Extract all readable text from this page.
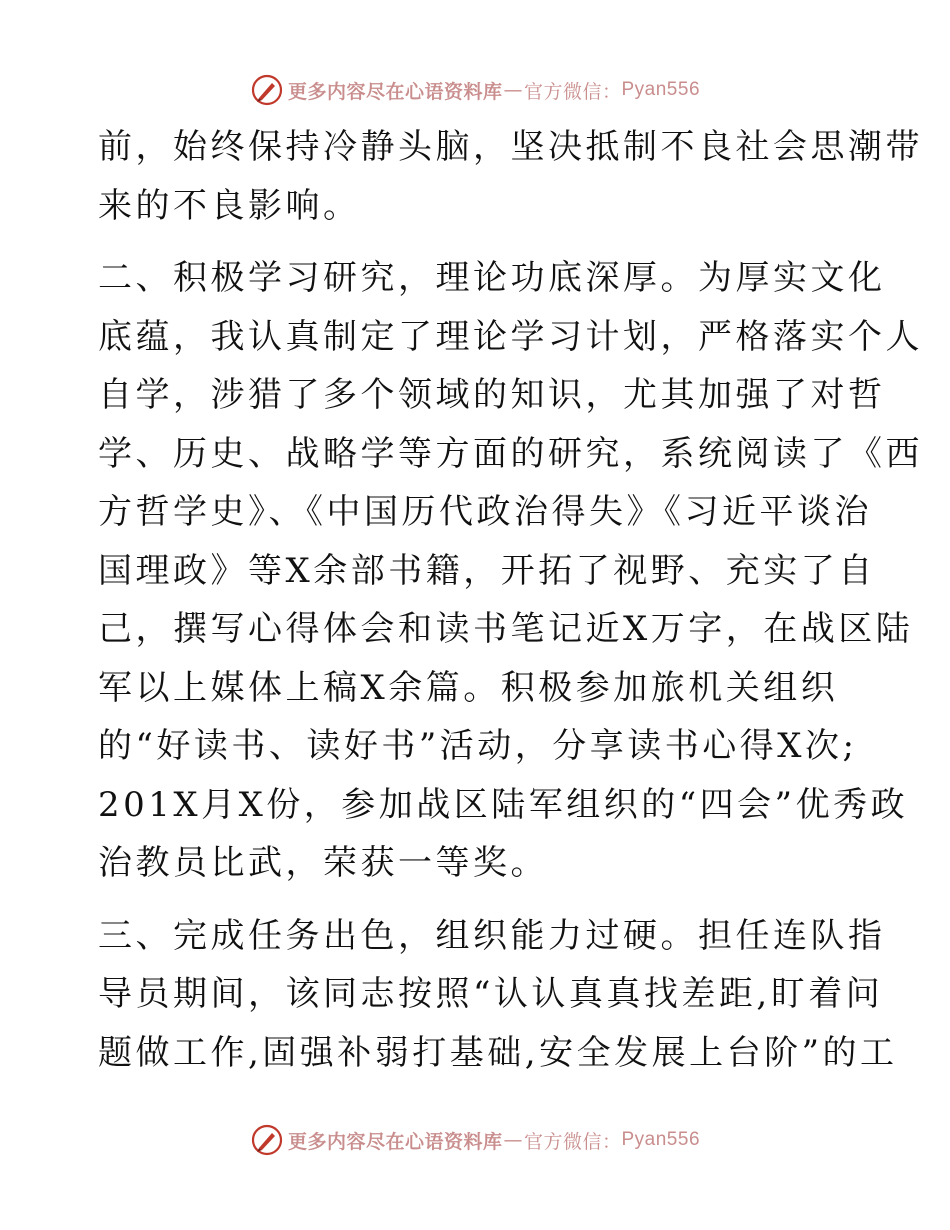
更多内容尽在心语资料库 — 官方微信： Pyan556
前，始终保持冷静头脑，坚决抵制不良社会思潮带
来的不良影响。
二、积极学习研究，理论功底深厚。为厚实文化
底蕴，我认真制定了理论学习计划，严格落实个人
自学，涉猎了多个领域的知识，尤其加强了对哲
学、历史、战略学等方面的研究，系统阅读了《西
方哲学史》、《中国历代政治得失》《习近平谈治
国理政》等X余部书籍，开拓了视野、充实了自
己，撰写心得体会和读书笔记近X万字，在战区陆
军以上媒体上稿X余篇。积极参加旅机关组织
的“好读书、读好书”活动，分享读书心得X次;
201X月X份，参加战区陆军组织的“四会”优秀政
治教员比武，荣获一等奖。
三、完成任务出色，组织能力过硬。担任连队指
导员期间，该同志按照“认认真真找差距,盯着问
题做工作,固强补弱打基础,安全发展上台阶”的工
更多内容尽在心语资料库 — 官方微信： Pyan556
